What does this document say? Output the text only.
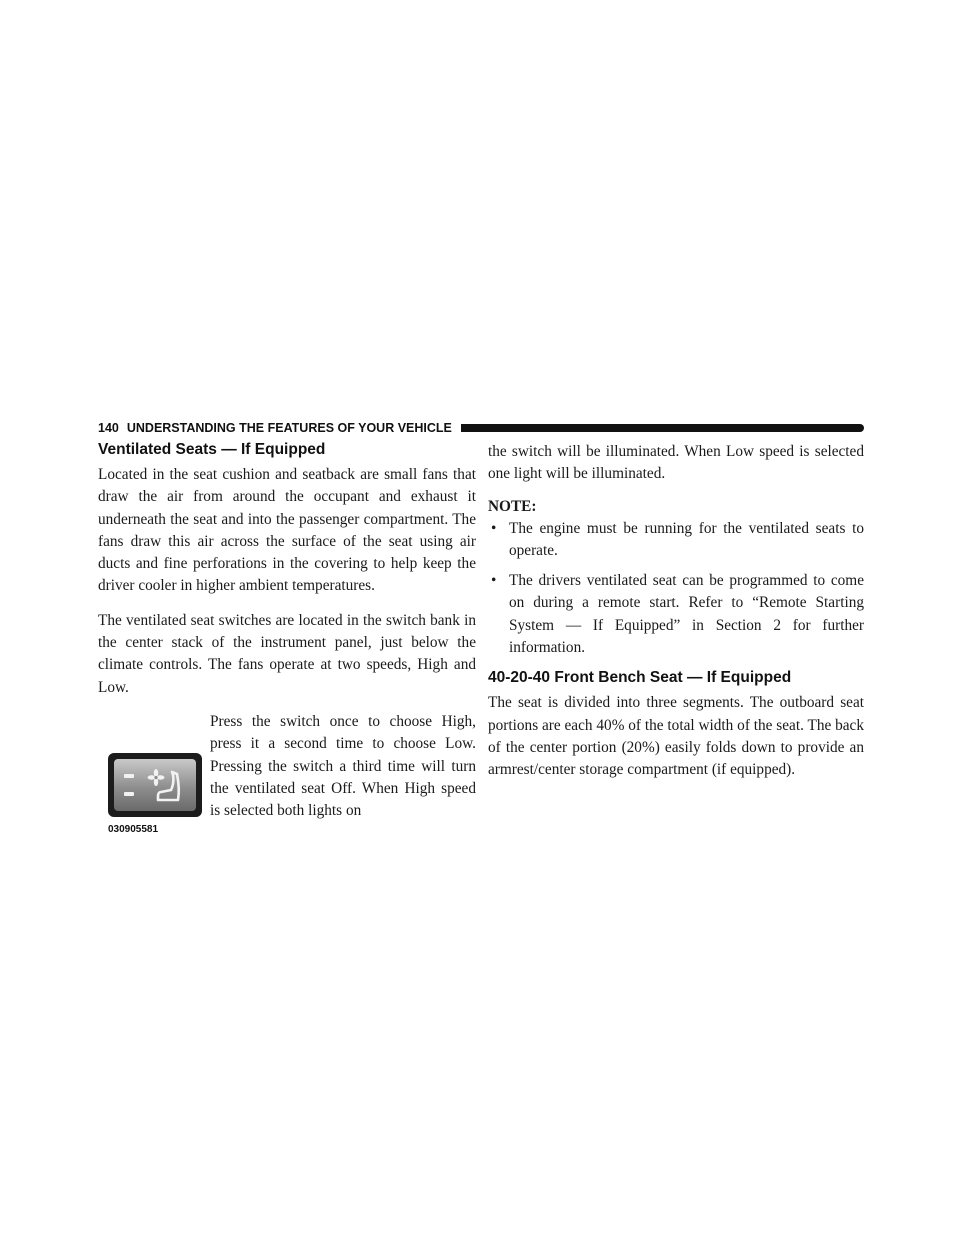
140 UNDERSTANDING THE FEATURES OF YOUR VEHICLE
Ventilated Seats — If Equipped

Located in the seat cushion and seatback are small fans that draw the air from around the occupant and exhaust it underneath the seat and into the passenger compartment. The fans draw this air across the surface of the seat using air ducts and fine perforations in the covering to help keep the driver cooler in higher ambient temperatures.

The ventilated seat switches are located in the switch bank in the center stack of the instrument panel, just below the climate controls. The fans operate at two speeds, High and Low.

030905581

Press the switch once to choose High, press it a second time to choose Low. Pressing the switch a third time will turn the ventilated seat Off. When High speed is selected both lights on

the switch will be illuminated. When Low speed is selected one light will be illuminated.

NOTE:
• The engine must be running for the ventilated seats to operate.

• The drivers ventilated seat can be programmed to come on during a remote start. Refer to “Remote Starting System — If Equipped” in Section 2 for further information.

40-20-40 Front Bench Seat — If Equipped

The seat is divided into three segments. The outboard seat portions are each 40% of the total width of the seat. The back of the center portion (20%) easily folds down to provide an armrest/center storage compartment (if equipped).
